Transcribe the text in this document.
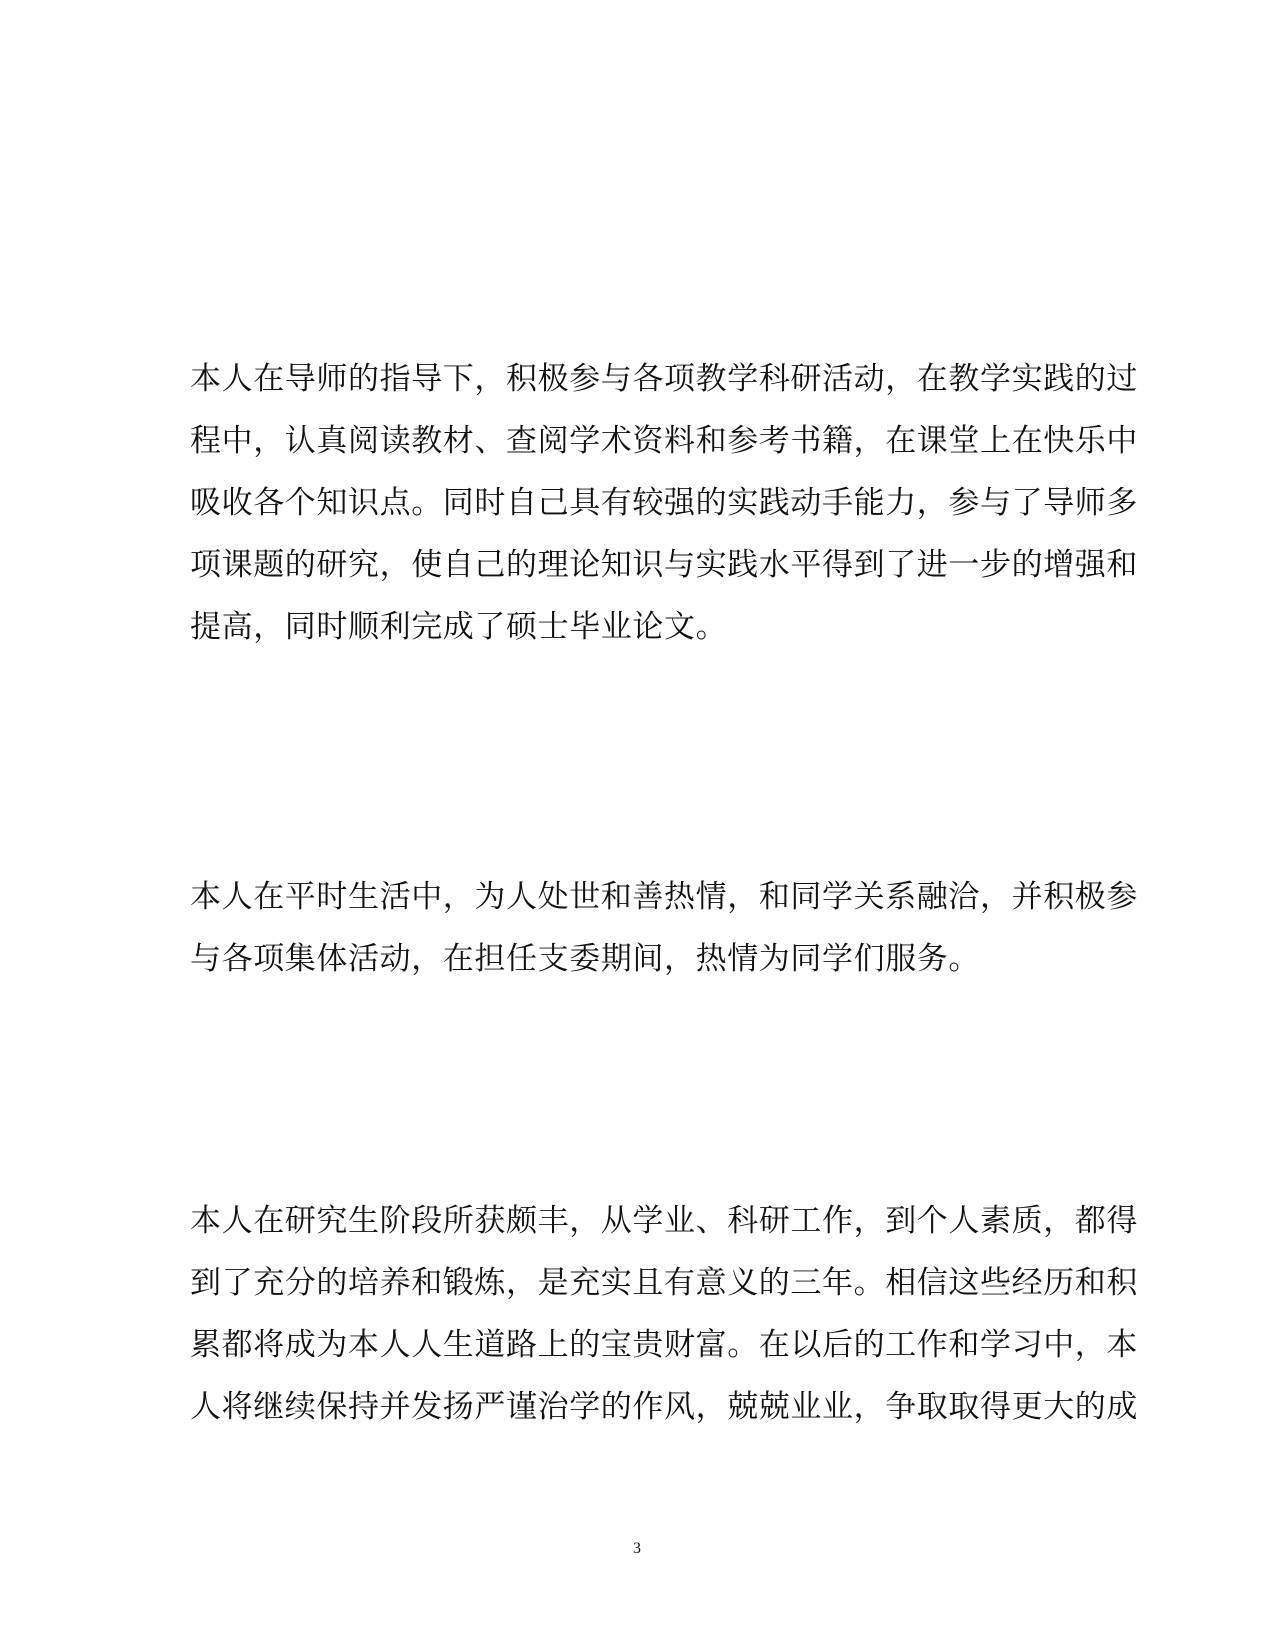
本人在导师的指导下，积极参与各项教学科研活动，在教学实践的过
程中，认真阅读教材、查阅学术资料和参考书籍，在课堂上在快乐中
吸收各个知识点。同时自己具有较强的实践动手能力，参与了导师多
项课题的研究，使自己的理论知识与实践水平得到了进一步的增强和
提高，同时顺利完成了硕士毕业论文。
本人在平时生活中，为人处世和善热情，和同学关系融洽，并积极参
与各项集体活动，在担任支委期间，热情为同学们服务。
本人在研究生阶段所获颇丰，从学业、科研工作，到个人素质，都得
到了充分的培养和锻炼，是充实且有意义的三年。相信这些经历和积
累都将成为本人人生道路上的宝贵财富。在以后的工作和学习中，本
人将继续保持并发扬严谨治学的作风，兢兢业业，争取取得更大的成
3
